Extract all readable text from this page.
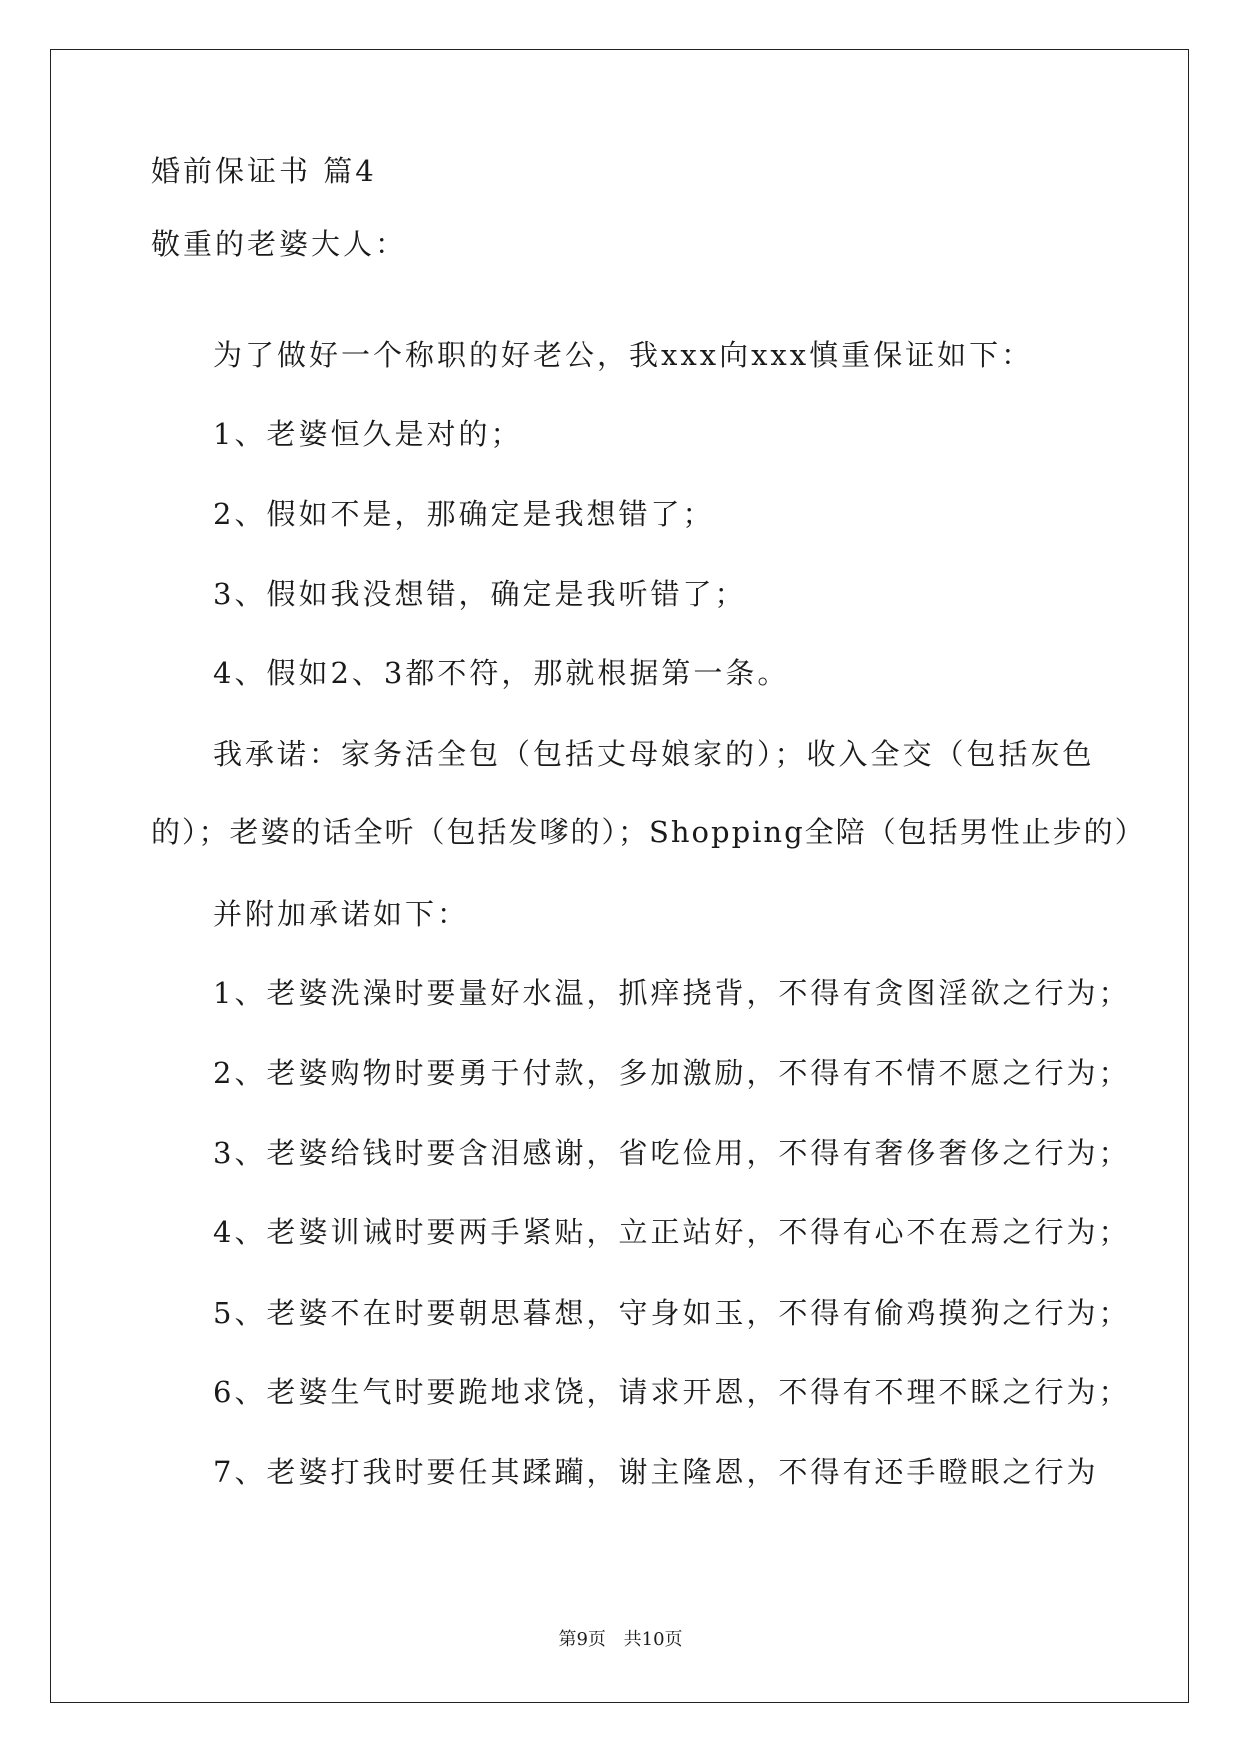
婚前保证书 篇4
敬重的老婆大人：
为了做好一个称职的好老公，我xxx向xxx慎重保证如下：
1、老婆恒久是对的；
2、假如不是，那确定是我想错了；
3、假如我没想错，确定是我听错了；
4、假如2、3都不符，那就根据第一条。
我承诺：家务活全包（包括丈母娘家的）；收入全交（包括灰色
的）；老婆的话全听（包括发嗲的）；Shopping全陪（包括男性止步的）
并附加承诺如下：
1、老婆洗澡时要量好水温，抓痒挠背，不得有贪图淫欲之行为；
2、老婆购物时要勇于付款，多加激励，不得有不情不愿之行为；
3、老婆给钱时要含泪感谢，省吃俭用，不得有奢侈奢侈之行为；
4、老婆训诫时要两手紧贴，立正站好，不得有心不在焉之行为；
5、老婆不在时要朝思暮想，守身如玉，不得有偷鸡摸狗之行为；
6、老婆生气时要跪地求饶，请求开恩，不得有不理不睬之行为；
7、老婆打我时要任其蹂躏，谢主隆恩，不得有还手瞪眼之行为
第9页 共10页
